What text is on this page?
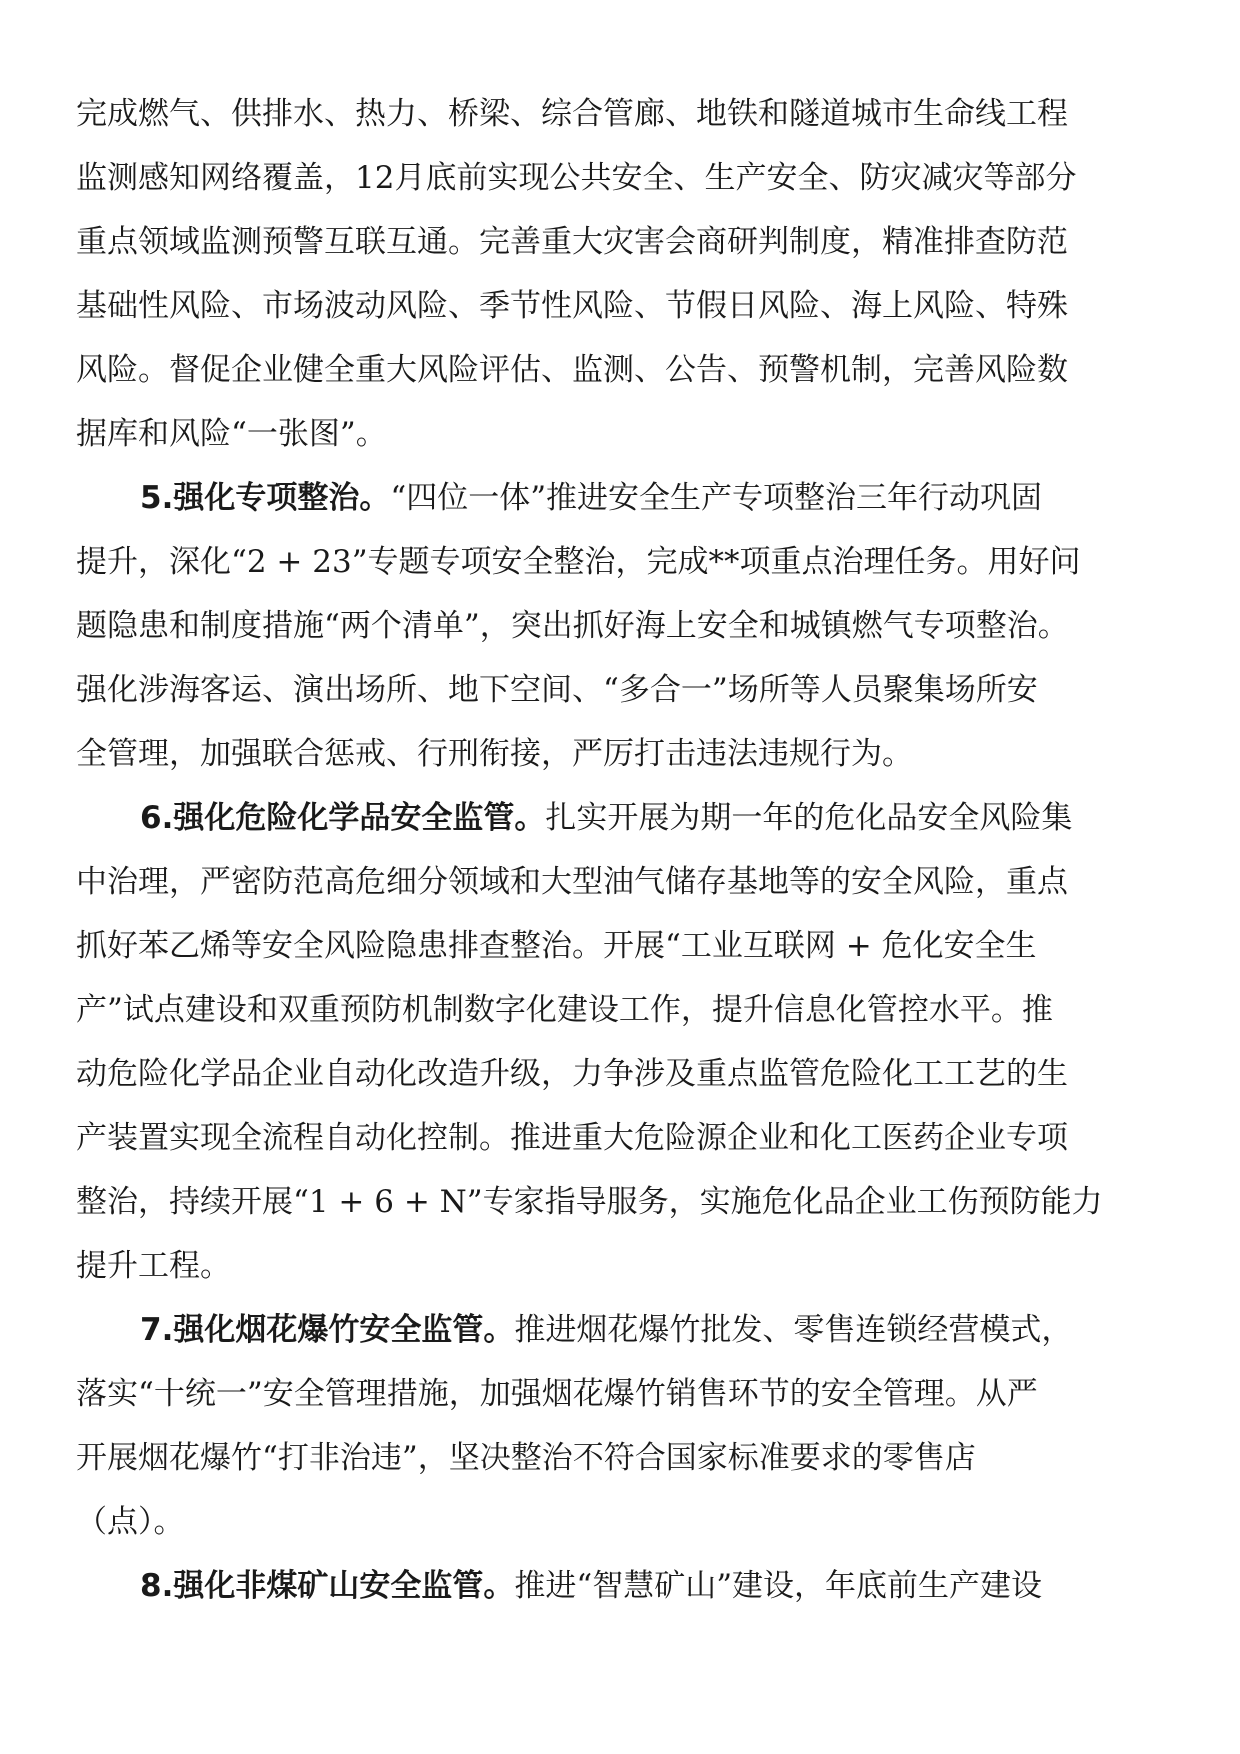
完成燃气、供排水、热力、桥梁、综合管廊、地铁和隧道城市生命线工程
监测感知网络覆盖，12月底前实现公共安全、生产安全、防灾减灾等部分
重点领域监测预警互联互通。完善重大灾害会商研判制度，精准排查防范
基础性风险、市场波动风险、季节性风险、节假日风险、海上风险、特殊
风险。督促企业健全重大风险评估、监测、公告、预警机制，完善风险数
据库和风险“一张图”。
5.强化专项整治。“四位一体”推进安全生产专项整治三年行动巩固
提升，深化“2 + 23”专题专项安全整治，完成**项重点治理任务。用好问
题隐患和制度措施“两个清单”，突出抓好海上安全和城镇燃气专项整治。
强化涉海客运、演出场所、地下空间、“多合一”场所等人员聚集场所安
全管理，加强联合惩戒、行刑衔接，严厉打击违法违规行为。
6.强化危险化学品安全监管。扎实开展为期一年的危化品安全风险集
中治理，严密防范高危细分领域和大型油气储存基地等的安全风险，重点
抓好苯乙烯等安全风险隐患排查整治。开展“工业互联网 + 危化安全生
产”试点建设和双重预防机制数字化建设工作，提升信息化管控水平。推
动危险化学品企业自动化改造升级，力争涉及重点监管危险化工工艺的生
产装置实现全流程自动化控制。推进重大危险源企业和化工医药企业专项
整治，持续开展“1 + 6 + N”专家指导服务，实施危化品企业工伤预防能力
提升工程。
7.强化烟花爆竹安全监管。推进烟花爆竹批发、零售连锁经营模式，
落实“十统一”安全管理措施，加强烟花爆竹销售环节的安全管理。从严
开展烟花爆竹“打非治违”，坚决整治不符合国家标准要求的零售店
（点）。
8.强化非煤矿山安全监管。推进“智慧矿山”建设，年底前生产建设
